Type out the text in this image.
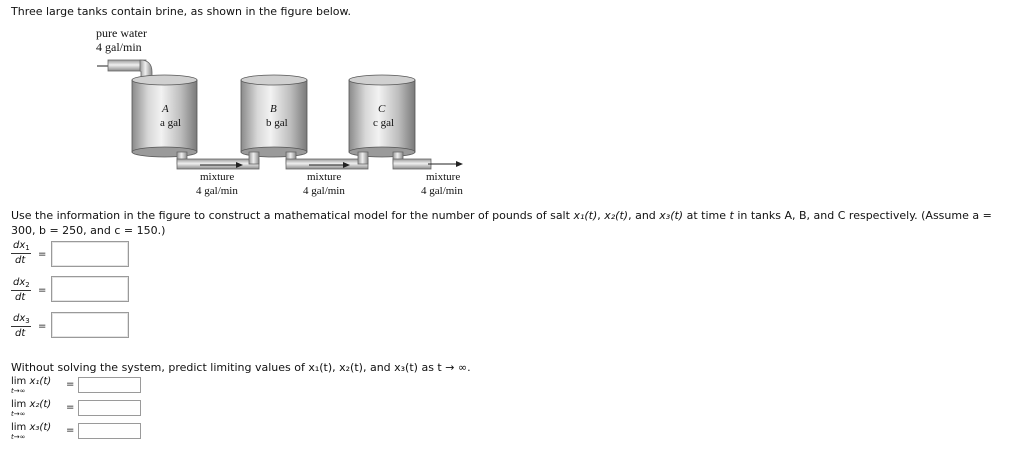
Three large tanks contain brine, as shown in the figure below.
pure water
4 gal/min
A
a gal
B
b gal
C
c gal
mixture
4 gal/min
mixture
4 gal/min
mixture
4 gal/min
Use the information in the figure to construct a mathematical model for the number of pounds of salt x₁(t), x₂(t), and x₃(t) at time t in tanks A, B, and C respectively. (Assume a = 300, b = 250, and c = 150.)
$dx_1$
dt
=
$dx_2$
dt
=
$dx_3$
dt
=
Without solving the system, predict limiting values of x₁(t), x₂(t), and x₃(t) as t → ∞.
lim x₁(t)
t→∞
=
lim x₂(t)
t→∞
=
lim x₃(t)
t→∞
=
